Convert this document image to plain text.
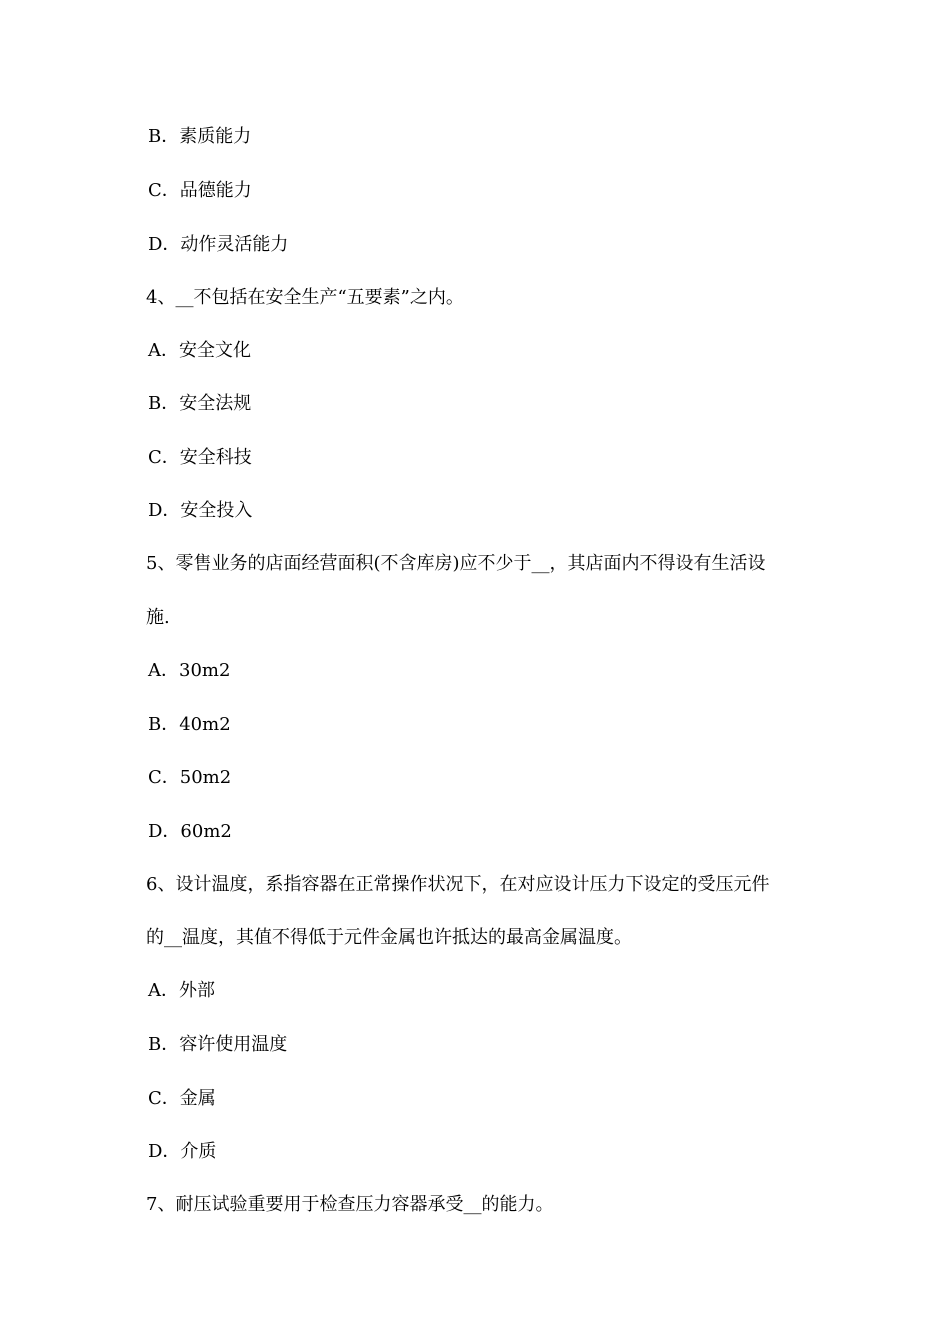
B．素质能力
C．品德能力
D．动作灵活能力
4、__不包括在安全生产“五要素”之内。
A．安全文化
B．安全法规
C．安全科技
D．安全投入
5、零售业务的店面经营面积(不含库房)应不少于__，其店面内不得设有生活设
施.
A．30m2
B．40m2
C．50m2
D．60m2
6、设计温度，系指容器在正常操作状况下，在对应设计压力下设定的受压元件
的__温度，其值不得低于元件金属也许抵达的最高金属温度。
A．外部
B．容许使用温度
C．金属
D．介质
7、耐压试验重要用于检查压力容器承受__的能力。
